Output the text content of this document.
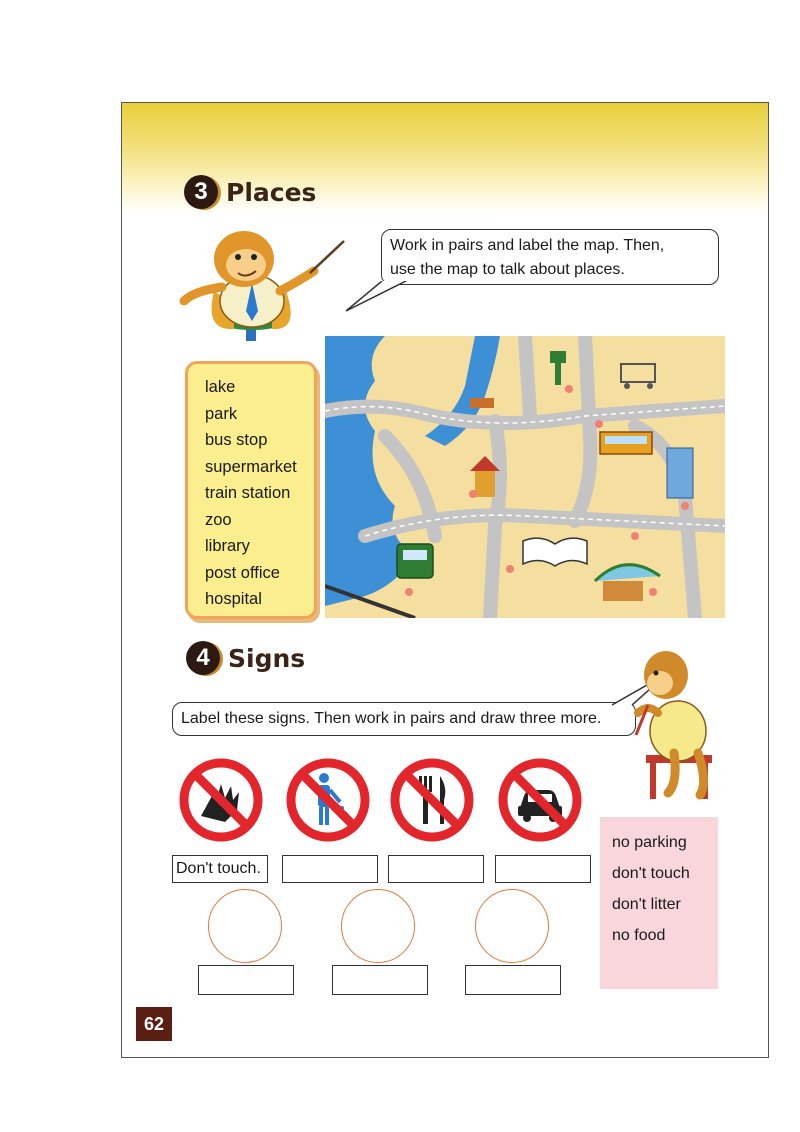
3 Places
Work in pairs and label the map. Then,
use the map to talk about places.
lake
park
bus stop
supermarket
train station
zoo
library
post office
hospital
4 Signs
Label these signs. Then work in pairs and draw three more.
Don't touch.
no parking
don't touch
don't litter
no food
62
